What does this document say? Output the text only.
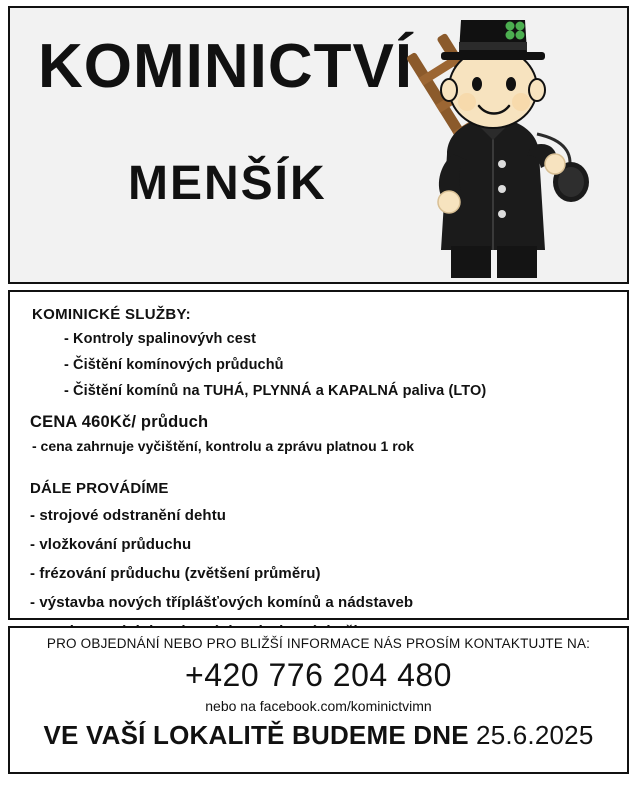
KOMINICTVÍ
MENŠÍK
KOMINICKÉ SLUŽBY:
- Kontroly spalinovývh cest
- Čištění komínových průduchů
- Čištění komínů na TUHÁ, PLYNNÁ a KAPALNÁ paliva (LTO)
CENA 460Kč/ průduch
- cena zahrnuje vyčištění, kontrolu a zprávu platnou 1 rok
DÁLE PROVÁDÍME
- strojové odstranění dehtu
- vložkování průduchu
- frézování průduchu (zvětšení průměru)
- výstavba nových tříplášťových komínů a nádstaveb
PRO OBJEDNÁNÍ NEBO PRO BLIŽŠÍ INFORMACE NÁS PROSÍM KONTAKTUJTE NA:
+420 776 204 480
nebo na facebook.com/kominictvimn
VE VAŠÍ LOKALITĚ BUDEME DNE 25.6.2025
